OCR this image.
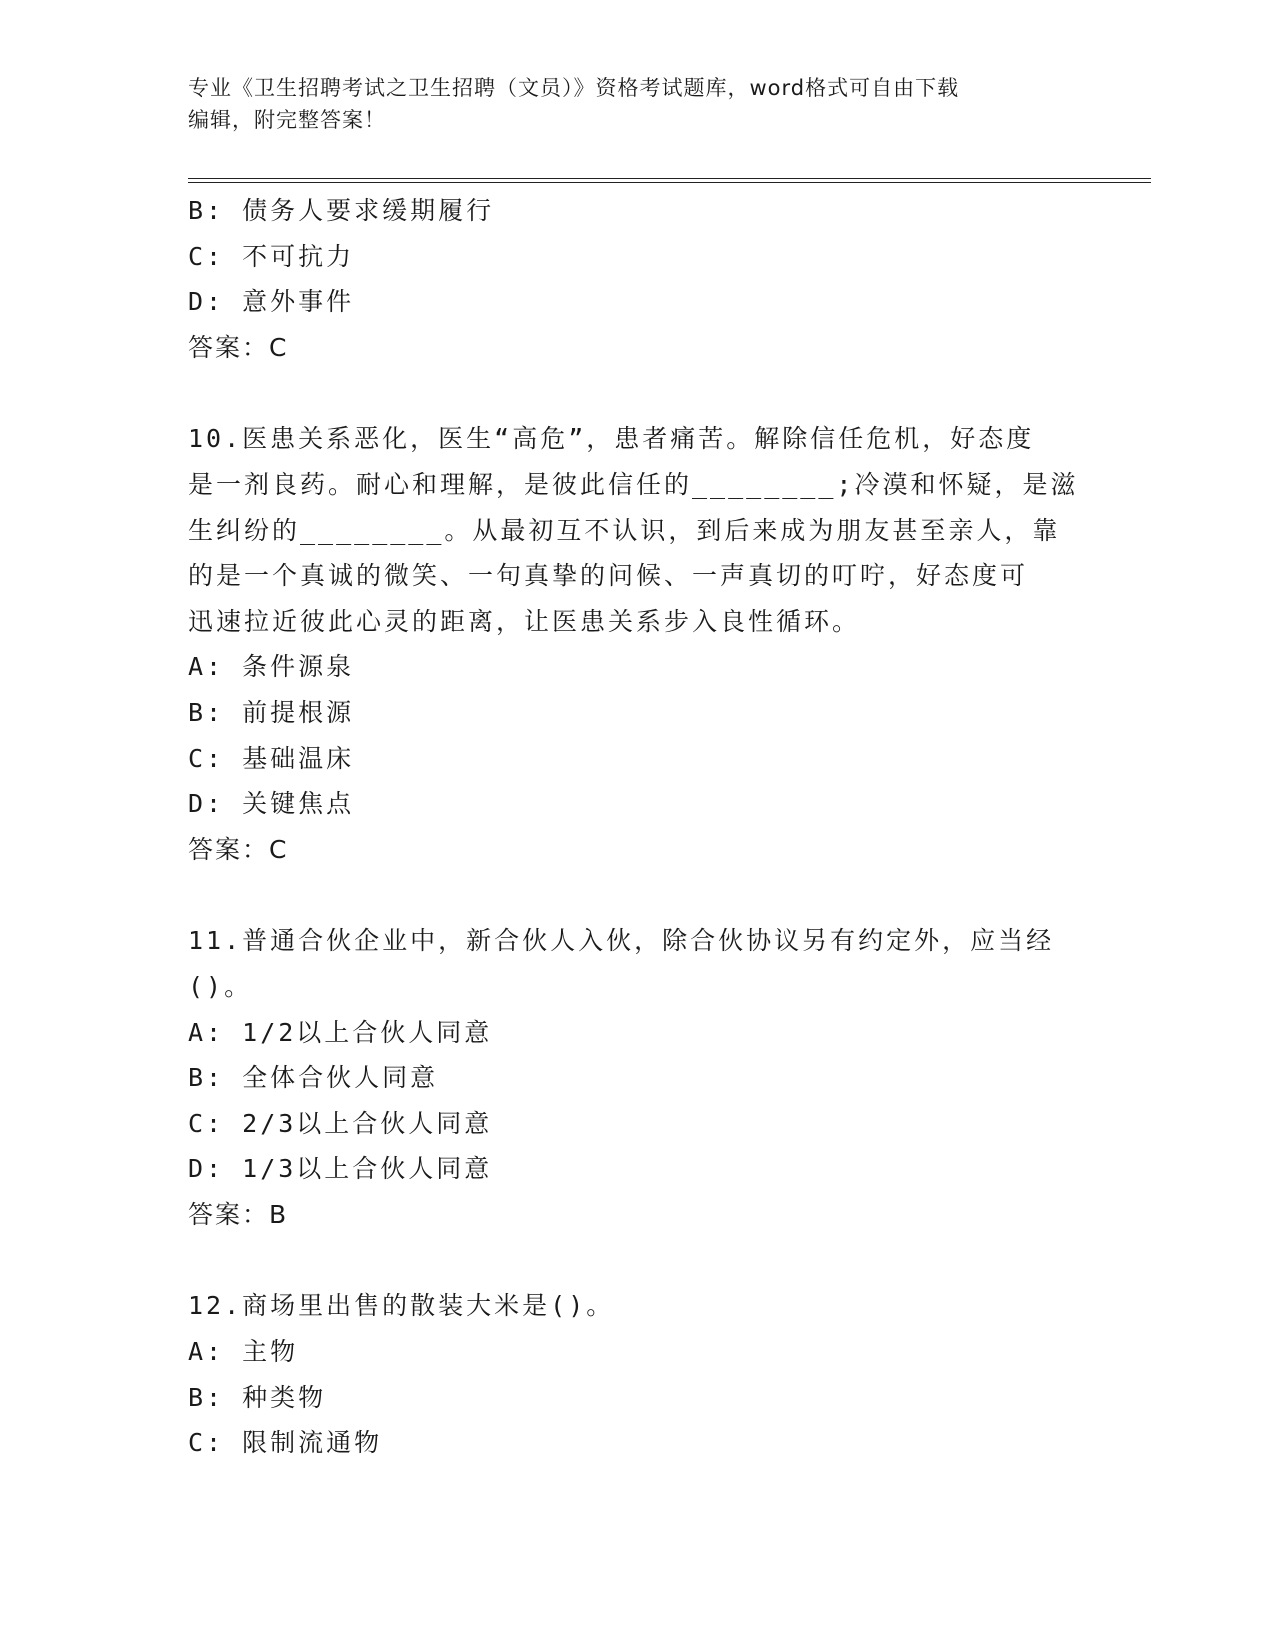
专业《卫生招聘考试之卫生招聘（文员）》资格考试题库，word格式可自由下载
编辑，附完整答案！
B: 债务人要求缓期履行
C: 不可抗力
D: 意外事件
答案：C
10.医患关系恶化，医生“高危”，患者痛苦。解除信任危机，好态度
是一剂良药。耐心和理解，是彼此信任的________;冷漠和怀疑，是滋
生纠纷的________。从最初互不认识，到后来成为朋友甚至亲人，靠
的是一个真诚的微笑、一句真挚的问候、一声真切的叮咛，好态度可
迅速拉近彼此心灵的距离，让医患关系步入良性循环。
A: 条件源泉
B: 前提根源
C: 基础温床
D: 关键焦点
答案：C
11.普通合伙企业中，新合伙人入伙，除合伙协议另有约定外，应当经
()。
A: 1/2以上合伙人同意
B: 全体合伙人同意
C: 2/3以上合伙人同意
D: 1/3以上合伙人同意
答案：B
12.商场里出售的散装大米是()。
A: 主物
B: 种类物
C: 限制流通物
